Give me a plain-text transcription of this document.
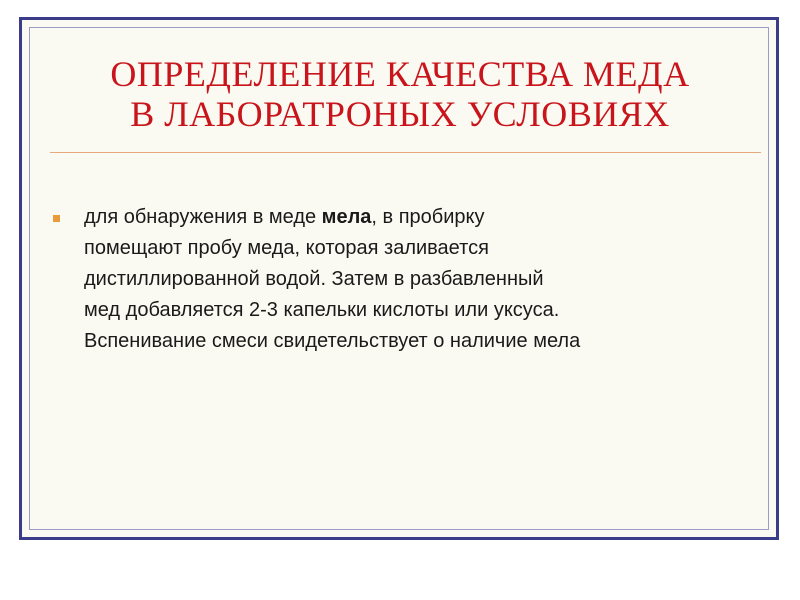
ОПРЕДЕЛЕНИЕ КАЧЕСТВА МЕДА
В ЛАБОРАТРОНЫХ УСЛОВИЯХ

для обнаружения в меде мела, в пробирку
помещают пробу меда, которая заливается
дистиллированной водой. Затем в разбавленный
мед добавляется 2-3 капельки кислоты или уксуса.
Вспенивание смеси свидетельствует о наличие мела
